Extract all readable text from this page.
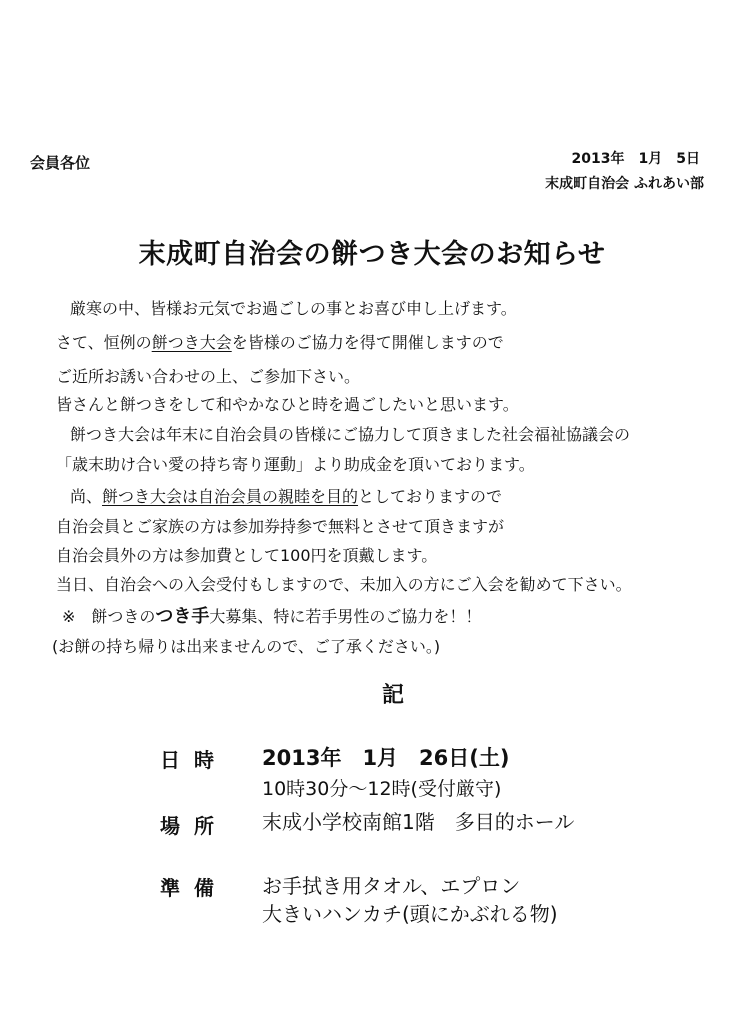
会員各位	2013年　1月　5日
末成町自治会 ふれあい部
末成町自治会の餅つき大会のお知らせ
厳寒の中、皆様お元気でお過ごしの事とお喜び申し上げます。
さて、恒例の餅つき大会を皆様のご協力を得て開催しますので
ご近所お誘い合わせの上、ご参加下さい。
皆さんと餅つきをして和やかなひと時を過ごしたいと思います。
餅つき大会は年末に自治会員の皆様にご協力して頂きました社会福祉協議会の
「歳末助け合い愛の持ち寄り運動」より助成金を頂いております。
尚、餅つき大会は自治会員の親睦を目的としておりますので
自治会員とご家族の方は参加券持参で無料とさせて頂きますが
自治会員外の方は参加費として100円を頂戴します。
当日、自治会への入会受付もしますので、未加入の方にご入会を勧めて下さい。
※　餅つきのつき手大募集、特に若手男性のご協力を！！
(お餅の持ち帰りは出来ませんので、ご了承ください。)
記
日時 2013年　1月　26日(土)
10時30分～12時(受付厳守)
場所 末成小学校南館1階　多目的ホール
準備 お手拭き用タオル、エプロン
大きいハンカチ(頭にかぶれる物)
